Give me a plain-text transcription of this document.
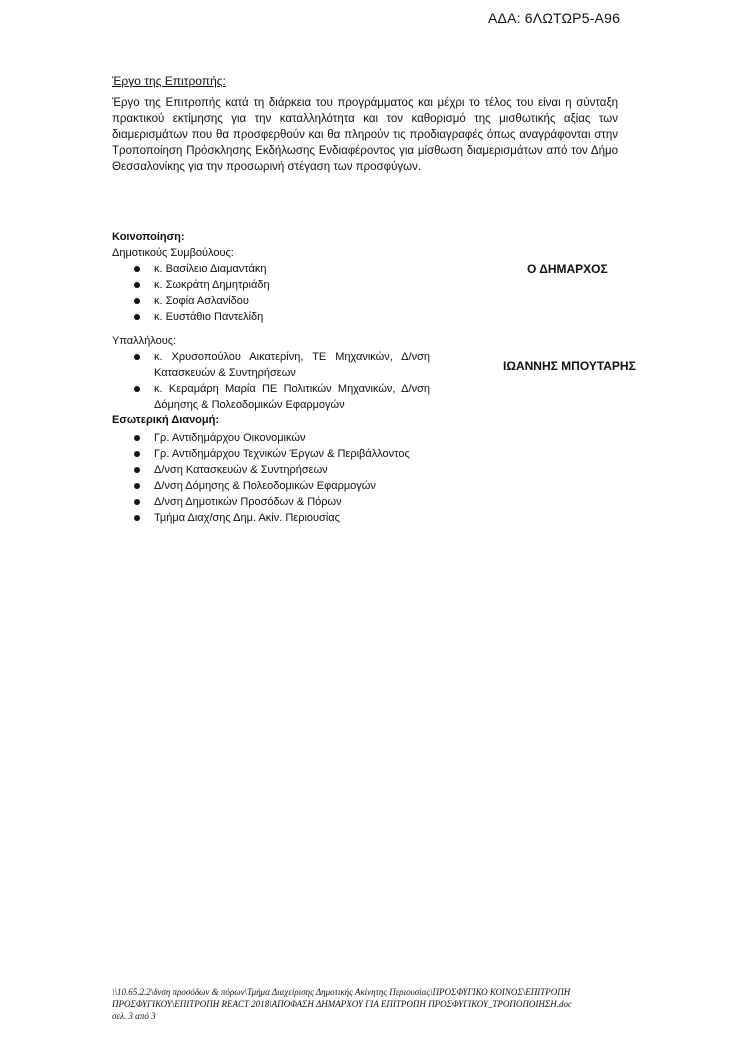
ΑΔΑ: 6ΛΩΤΩΡ5-Α96
Έργο της Επιτροπής:
Έργο της Επιτροπής κατά τη διάρκεια του προγράμματος και μέχρι το τέλος του είναι η σύνταξη
πρακτικού εκτίμησης για την καταλληλότητα και τον καθορισμό της μισθωτικής αξίας των
διαμερισμάτων που θα προσφερθούν και θα πληρούν τις προδιαγραφές όπως αναγράφονται στην
Τροποποίηση Πρόσκλησης Εκδήλωσης Ενδιαφέροντος για μίσθωση διαμερισμάτων από τον Δήμο
Θεσσαλονίκης για την προσωρινή στέγαση των προσφύγων.
Κοινοποίηση:
Δημοτικούς Συμβούλους:
κ. Βασίλειο Διαμαντάκη
κ. Σωκράτη Δημητριάδη
κ. Σοφία Ασλανίδου
κ. Ευστάθιο Παντελίδη
Υπαλλήλους:
κ. Χρυσοπούλου Αικατερίνη, ΤΕ Μηχανικών, Δ/νση Κατασκευών & Συντηρήσεων
κ. Κεραμάρη Μαρία ΠΕ Πολιτικών Μηχανικών, Δ/νση Δόμησης & Πολεοδομικών Εφαρμογών
Εσωτερική Διανομή:
Γρ. Αντιδημάρχου Οικονομικών
Γρ. Αντιδημάρχου Τεχνικών Έργων & Περιβάλλοντος
Δ/νση Κατασκευών & Συντηρήσεων
Δ/νση Δόμησης & Πολεοδομικών Εφαρμογών
Δ/νση Δημοτικών Προσόδων & Πόρων
Τμήμα Διαχ/σης Δημ. Ακίν. Περιουσίας
Ο ΔΗΜΑΡΧΟΣ
ΙΩΑΝΝΗΣ ΜΠΟΥΤΑΡΗΣ
\\10.65.2.2\δνση προσόδων & πόρων\Τμήμα Διαχείρισης Δημοτικής Ακίνητης Περιουσίας\ΠΡΟΣΦΥΓΙΚΟ ΚΟΙΝΟΣ\ΕΠΙΤΡΟΠΗ
ΠΡΟΣΦΥΓΙΚΟΥ\ΕΠΙΤΡΟΠΗ REACT 2018\ΑΠΟΦΑΣΗ ΔΗΜΑΡΧΟΥ ΓΙΑ ΕΠΙΤΡΟΠΗ ΠΡΟΣΦΥΓΙΚΟΥ_ΤΡΟΠΟΠΟΙΗΣΗ.doc
σελ. 3 από 3
